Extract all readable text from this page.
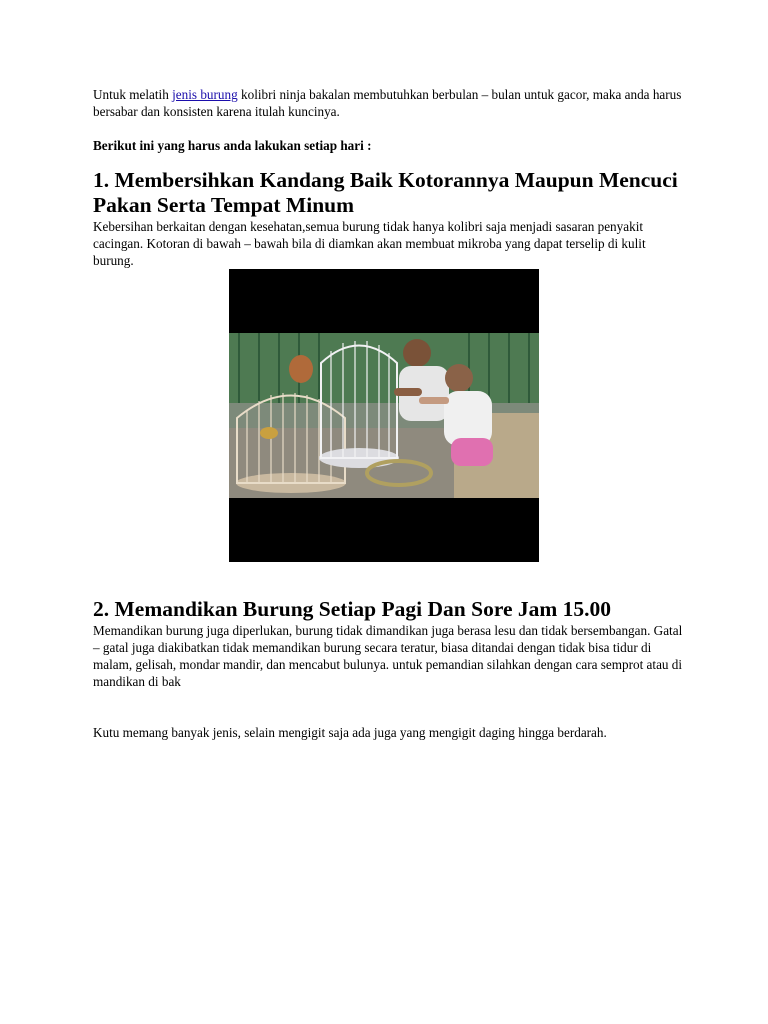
Untuk melatih jenis burung kolibri ninja bakalan membutuhkan berbulan – bulan untuk gacor, maka anda harus bersabar dan konsisten karena itulah kuncinya.

Berikut ini yang harus anda lakukan setiap hari :

1. Membersihkan Kandang Baik Kotorannya Maupun Mencuci Pakan Serta Tempat Minum

Kebersihan berkaitan dengan kesehatan,semua burung tidak hanya kolibri saja menjadi sasaran penyakit cacingan. Kotoran di bawah – bawah bila di diamkan akan membuat mikroba yang dapat terselip di kulit burung.

2. Memandikan Burung Setiap Pagi Dan Sore Jam 15.00

Memandikan burung juga diperlukan, burung tidak dimandikan juga berasa lesu dan tidak bersembangan. Gatal – gatal juga diakibatkan tidak memandikan burung secara teratur, biasa ditandai dengan tidak bisa tidur di malam, gelisah, mondar mandir, dan mencabut bulunya. untuk pemandian silahkan dengan cara semprot atau di mandikan di bak

Kutu memang banyak jenis, selain mengigit saja ada juga yang mengigit daging hingga berdarah.
